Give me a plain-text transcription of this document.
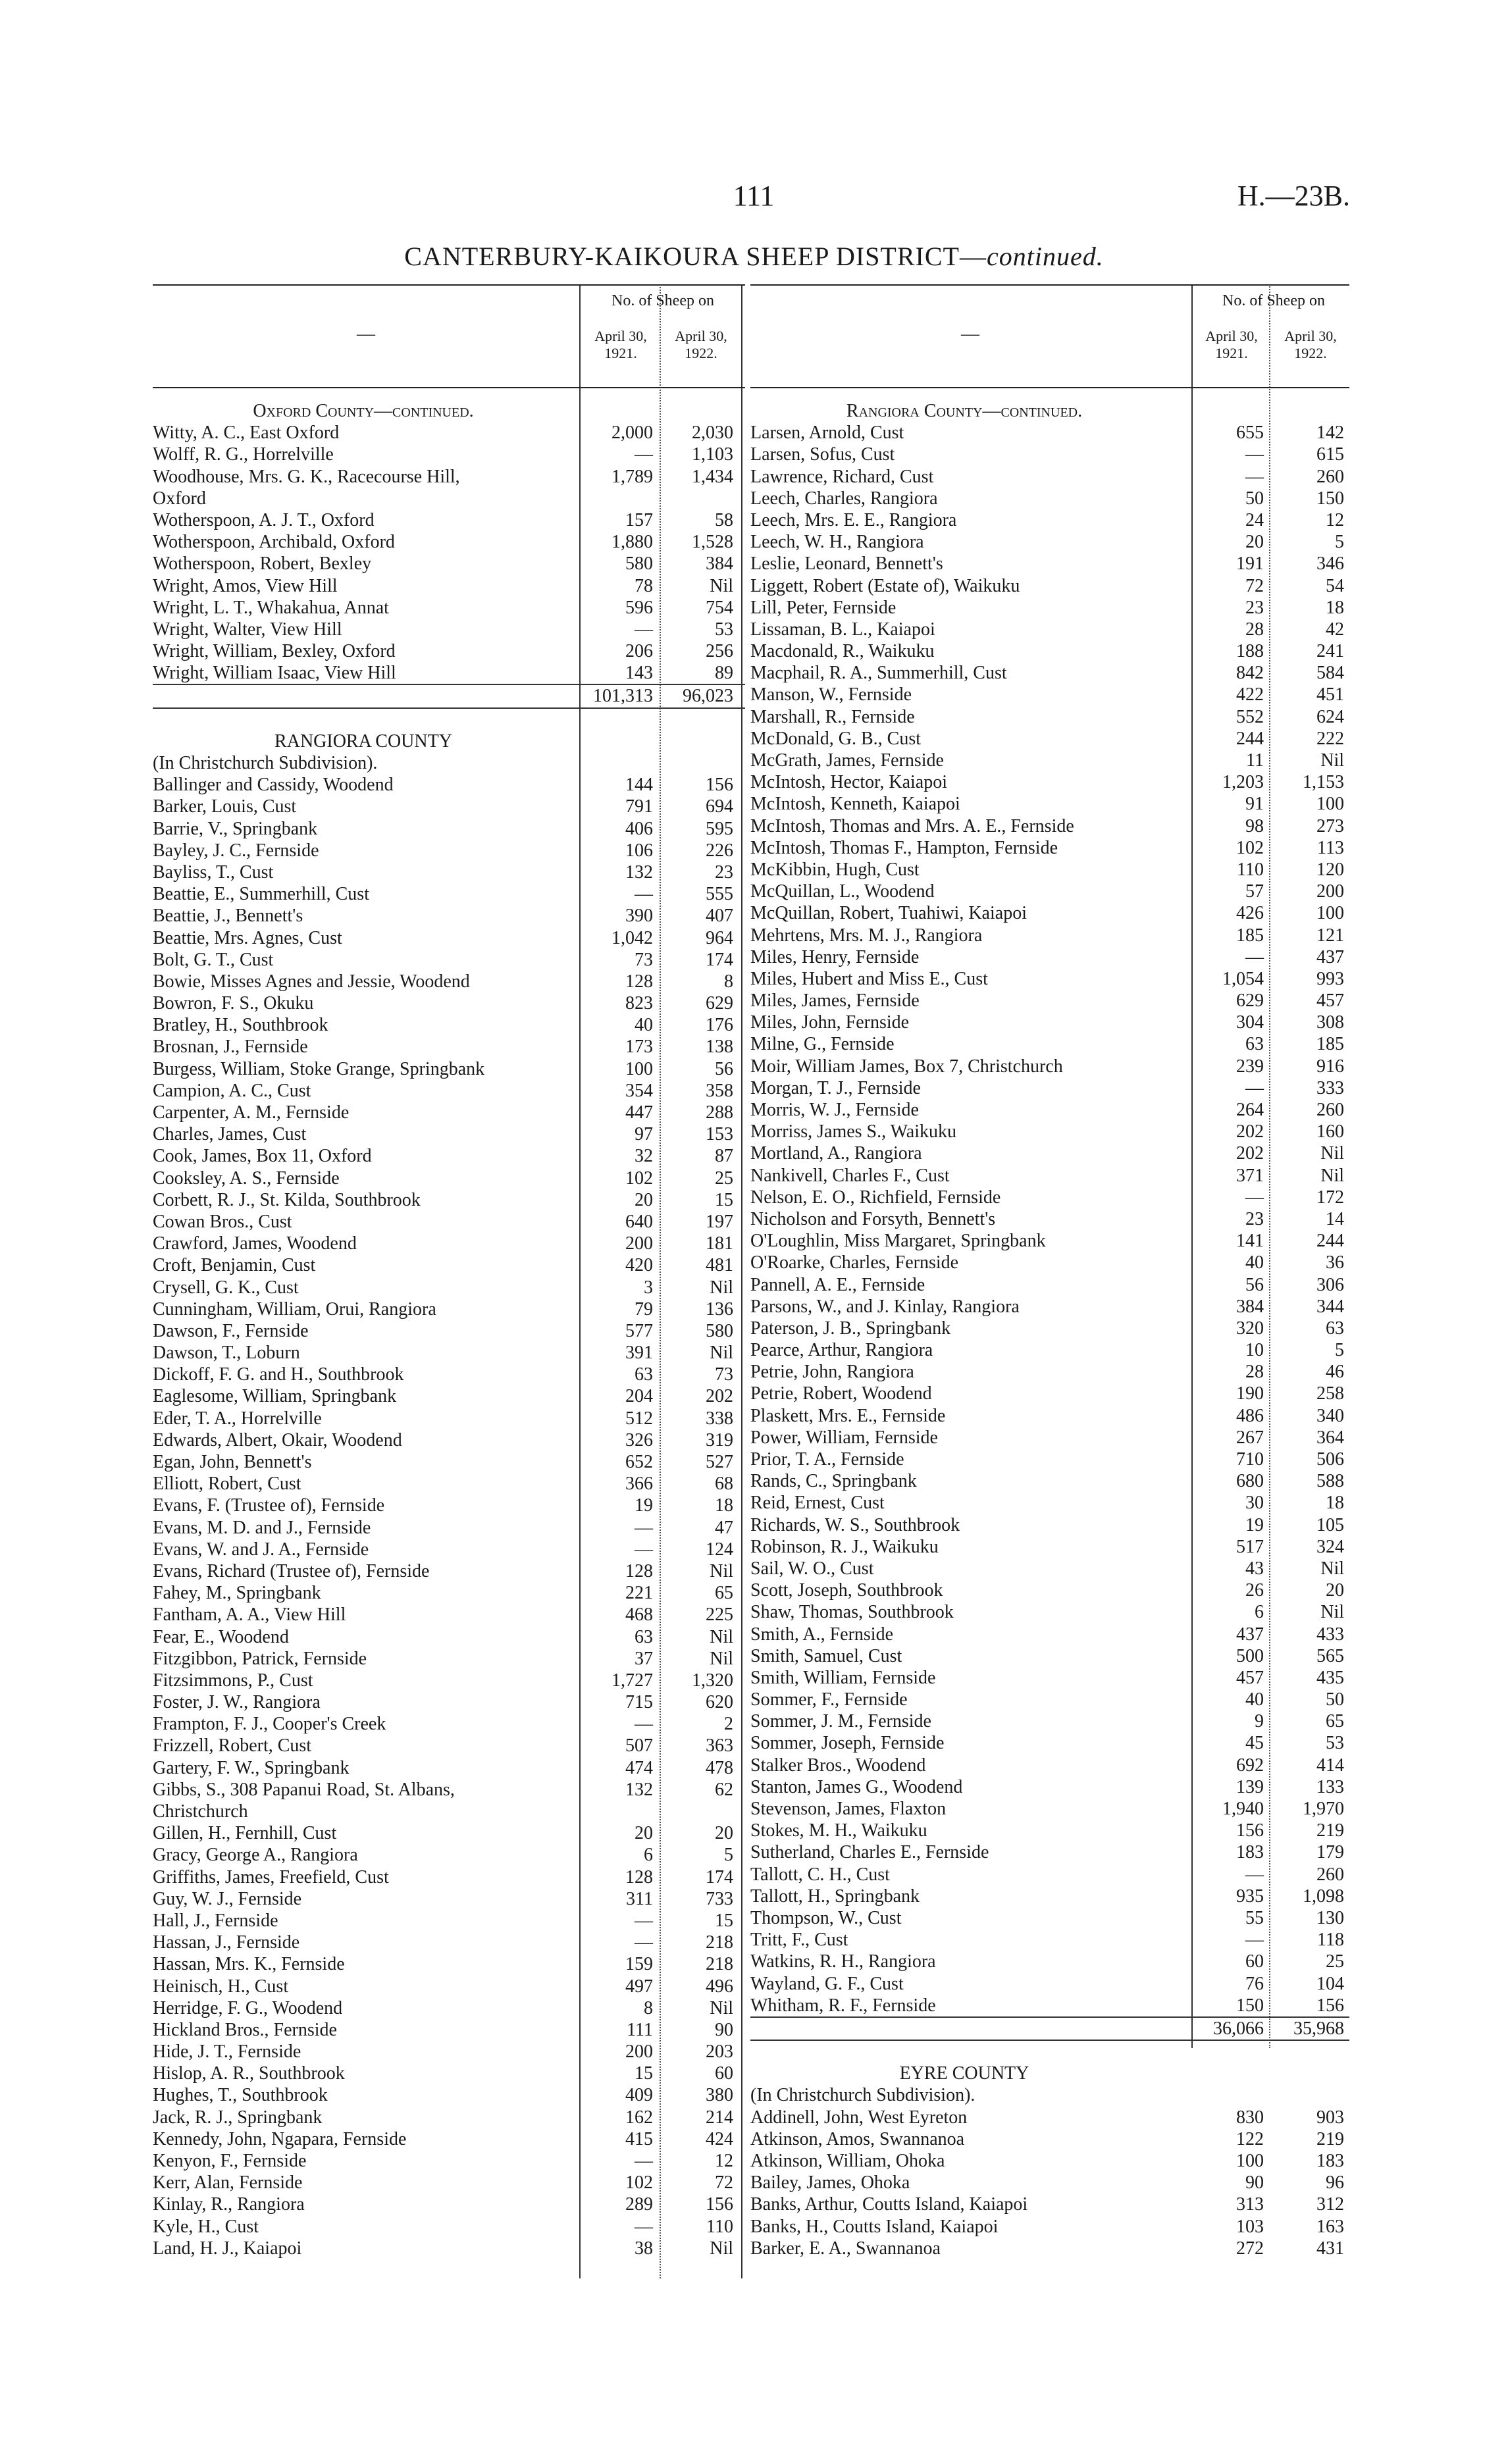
111	H.—23B.
CANTERBURY-KAIKOURA SHEEP DISTRICT—continued.
—
No. of Sheep on
April 30,
1921.
April 30,
1922.
Oxford County—continued.
Witty, A. C., East Oxford	2,000	2,030
Wolff, R. G., Horrelville	—	1,103
Woodhouse, Mrs. G. K., Racecourse Hill,	1,789	1,434
Oxford
Wotherspoon, A. J. T., Oxford	157	58
Wotherspoon, Archibald, Oxford	1,880	1,528
Wotherspoon, Robert, Bexley	580	384
Wright, Amos, View Hill	78	Nil
Wright, L. T., Whakahua, Annat	596	754
Wright, Walter, View Hill	—	53
Wright, William, Bexley, Oxford	206	256
Wright, William Isaac, View Hill	143	89
101,313	96,023
RANGIORA COUNTY
(In Christchurch Subdivision).
Ballinger and Cassidy, Woodend	144	156
Barker, Louis, Cust	791	694
Barrie, V., Springbank	406	595
Bayley, J. C., Fernside	106	226
Bayliss, T., Cust	132	23
Beattie, E., Summerhill, Cust	—	555
Beattie, J., Bennett's	390	407
Beattie, Mrs. Agnes, Cust	1,042	964
Bolt, G. T., Cust	73	174
Bowie, Misses Agnes and Jessie, Woodend	128	8
Bowron, F. S., Okuku	823	629
Bratley, H., Southbrook	40	176
Brosnan, J., Fernside	173	138
Burgess, William, Stoke Grange, Springbank	100	56
Campion, A. C., Cust	354	358
Carpenter, A. M., Fernside	447	288
Charles, James, Cust	97	153
Cook, James, Box 11, Oxford	32	87
Cooksley, A. S., Fernside	102	25
Corbett, R. J., St. Kilda, Southbrook	20	15
Cowan Bros., Cust	640	197
Crawford, James, Woodend	200	181
Croft, Benjamin, Cust	420	481
Crysell, G. K., Cust	3	Nil
Cunningham, William, Orui, Rangiora	79	136
Dawson, F., Fernside	577	580
Dawson, T., Loburn	391	Nil
Dickoff, F. G. and H., Southbrook	63	73
Eaglesome, William, Springbank	204	202
Eder, T. A., Horrelville	512	338
Edwards, Albert, Okair, Woodend	326	319
Egan, John, Bennett's	652	527
Elliott, Robert, Cust	366	68
Evans, F. (Trustee of), Fernside	19	18
Evans, M. D. and J., Fernside	—	47
Evans, W. and J. A., Fernside	—	124
Evans, Richard (Trustee of), Fernside	128	Nil
Fahey, M., Springbank	221	65
Fantham, A. A., View Hill	468	225
Fear, E., Woodend	63	Nil
Fitzgibbon, Patrick, Fernside	37	Nil
Fitzsimmons, P., Cust	1,727	1,320
Foster, J. W., Rangiora	715	620
Frampton, F. J., Cooper's Creek	—	2
Frizzell, Robert, Cust	507	363
Gartery, F. W., Springbank	474	478
Gibbs, S., 308 Papanui Road, St. Albans,	132	62
Christchurch
Gillen, H., Fernhill, Cust	20	20
Gracy, George A., Rangiora	6	5
Griffiths, James, Freefield, Cust	128	174
Guy, W. J., Fernside	311	733
Hall, J., Fernside	—	15
Hassan, J., Fernside	—	218
Hassan, Mrs. K., Fernside	159	218
Heinisch, H., Cust	497	496
Herridge, F. G., Woodend	8	Nil
Hickland Bros., Fernside	111	90
Hide, J. T., Fernside	200	203
Hislop, A. R., Southbrook	15	60
Hughes, T., Southbrook	409	380
Jack, R. J., Springbank	162	214
Kennedy, John, Ngapara, Fernside	415	424
Kenyon, F., Fernside	—	12
Kerr, Alan, Fernside	102	72
Kinlay, R., Rangiora	289	156
Kyle, H., Cust	—	110
Land, H. J., Kaiapoi	38	Nil
—
No. of Sheep on
April 30,
1921.
April 30,
1922.
Rangiora County—continued.
Larsen, Arnold, Cust	655	142
Larsen, Sofus, Cust	—	615
Lawrence, Richard, Cust	—	260
Leech, Charles, Rangiora	50	150
Leech, Mrs. E. E., Rangiora	24	12
Leech, W. H., Rangiora	20	5
Leslie, Leonard, Bennett's	191	346
Liggett, Robert (Estate of), Waikuku	72	54
Lill, Peter, Fernside	23	18
Lissaman, B. L., Kaiapoi	28	42
Macdonald, R., Waikuku	188	241
Macphail, R. A., Summerhill, Cust	842	584
Manson, W., Fernside	422	451
Marshall, R., Fernside	552	624
McDonald, G. B., Cust	244	222
McGrath, James, Fernside	11	Nil
McIntosh, Hector, Kaiapoi	1,203	1,153
McIntosh, Kenneth, Kaiapoi	91	100
McIntosh, Thomas and Mrs. A. E., Fernside	98	273
McIntosh, Thomas F., Hampton, Fernside	102	113
McKibbin, Hugh, Cust	110	120
McQuillan, L., Woodend	57	200
McQuillan, Robert, Tuahiwi, Kaiapoi	426	100
Mehrtens, Mrs. M. J., Rangiora	185	121
Miles, Henry, Fernside	—	437
Miles, Hubert and Miss E., Cust	1,054	993
Miles, James, Fernside	629	457
Miles, John, Fernside	304	308
Milne, G., Fernside	63	185
Moir, William James, Box 7, Christchurch	239	916
Morgan, T. J., Fernside	—	333
Morris, W. J., Fernside	264	260
Morriss, James S., Waikuku	202	160
Mortland, A., Rangiora	202	Nil
Nankivell, Charles F., Cust	371	Nil
Nelson, E. O., Richfield, Fernside	—	172
Nicholson and Forsyth, Bennett's	23	14
O'Loughlin, Miss Margaret, Springbank	141	244
O'Roarke, Charles, Fernside	40	36
Pannell, A. E., Fernside	56	306
Parsons, W., and J. Kinlay, Rangiora	384	344
Paterson, J. B., Springbank	320	63
Pearce, Arthur, Rangiora	10	5
Petrie, John, Rangiora	28	46
Petrie, Robert, Woodend	190	258
Plaskett, Mrs. E., Fernside	486	340
Power, William, Fernside	267	364
Prior, T. A., Fernside	710	506
Rands, C., Springbank	680	588
Reid, Ernest, Cust	30	18
Richards, W. S., Southbrook	19	105
Robinson, R. J., Waikuku	517	324
Sail, W. O., Cust	43	Nil
Scott, Joseph, Southbrook	26	20
Shaw, Thomas, Southbrook	6	Nil
Smith, A., Fernside	437	433
Smith, Samuel, Cust	500	565
Smith, William, Fernside	457	435
Sommer, F., Fernside	40	50
Sommer, J. M., Fernside	9	65
Sommer, Joseph, Fernside	45	53
Stalker Bros., Woodend	692	414
Stanton, James G., Woodend	139	133
Stevenson, James, Flaxton	1,940	1,970
Stokes, M. H., Waikuku	156	219
Sutherland, Charles E., Fernside	183	179
Tallott, C. H., Cust	—	260
Tallott, H., Springbank	935	1,098
Thompson, W., Cust	55	130
Tritt, F., Cust	—	118
Watkins, R. H., Rangiora	60	25
Wayland, G. F., Cust	76	104
Whitham, R. F., Fernside	150	156
36,066	35,968
EYRE COUNTY
(In Christchurch Subdivision).
Addinell, John, West Eyreton	830	903
Atkinson, Amos, Swannanoa	122	219
Atkinson, William, Ohoka	100	183
Bailey, James, Ohoka	90	96
Banks, Arthur, Coutts Island, Kaiapoi	313	312
Banks, H., Coutts Island, Kaiapoi	103	163
Barker, E. A., Swannanoa	272	431
